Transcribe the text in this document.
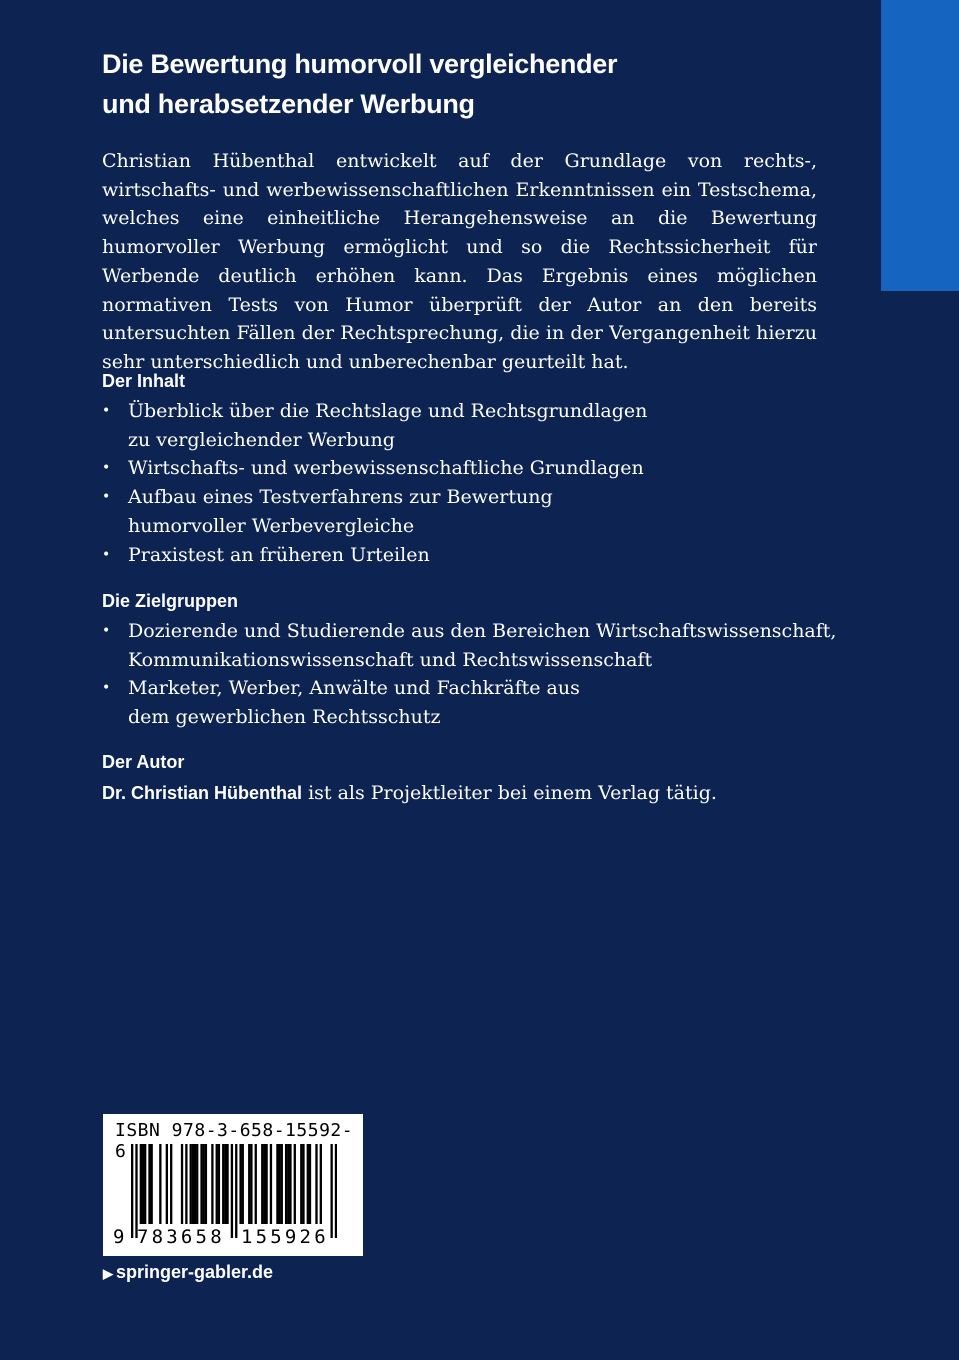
Die Bewertung humorvoll vergleichender
und herabsetzender Werbung

Christian Hübenthal entwickelt auf der Grundlage von rechts-, wirtschafts- und werbewissenschaftlichen Erkenntnissen ein Testschema, welches eine einheitliche Herangehensweise an die Bewertung humorvoller Werbung ermöglicht und so die Rechtssicherheit für Werbende deutlich erhöhen kann. Das Ergebnis eines möglichen normativen Tests von Humor überprüft der Autor an den bereits untersuchten Fällen der Rechtsprechung, die in der Vergangenheit hierzu sehr unterschiedlich und unberechenbar geurteilt hat.

Der Inhalt
• Überblick über die Rechtslage und Rechtsgrundlagen
zu vergleichender Werbung
• Wirtschafts- und werbewissenschaftliche Grundlagen
• Aufbau eines Testverfahrens zur Bewertung
humorvoller Werbevergleiche
• Praxistest an früheren Urteilen
Die Zielgruppen
• Dozierende und Studierende aus den Bereichen Wirtschaftswissenschaft,
Kommunikationswissenschaft und Rechtswissenschaft
• Marketer, Werber, Anwälte und Fachkräfte aus
dem gewerblichen Rechtsschutz
Der Autor

Dr. Christian Hübenthal ist als Projektleiter bei einem Verlag tätig.

ISBN 978-3-658-15592-6
9 783658 155926
▶ springer-gabler.de
